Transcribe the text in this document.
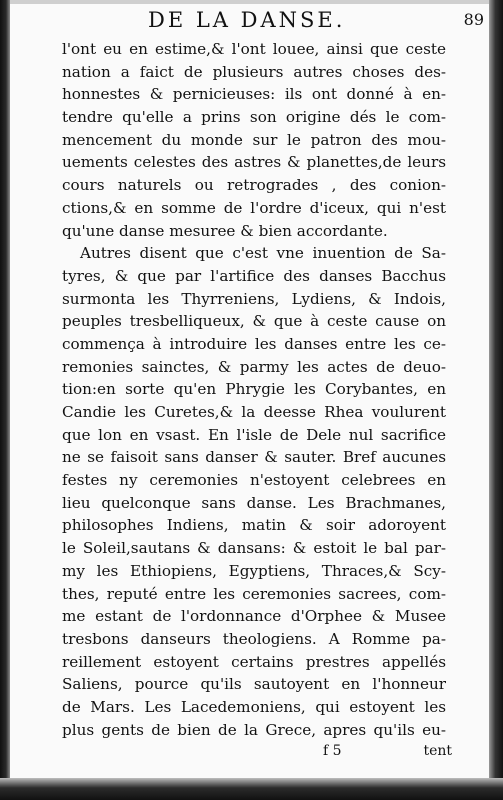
DE LA DANSE.	89
l'ont eu en estime,& l'ont louee, ainsi que ceste
nation a faict de plusieurs autres choses des-
honnestes & pernicieuses: ils ont donné à en-
tendre qu'elle a prins son origine dés le com-
mencement du monde sur le patron des mou-
uements celestes des astres & planettes,de leurs
cours naturels ou retrogrades , des conion-
ctions,& en somme de l'ordre d'iceux, qui n'est
qu'une danse mesuree & bien accordante.
Autres disent que c'est vne inuention de Sa-
tyres, & que par l'artifice des danses Bacchus
surmonta les Thyrreniens, Lydiens, & Indois,
peuples tresbelliqueux, & que à ceste cause on
commença à introduire les danses entre les ce-
remonies sainctes, & parmy les actes de deuo-
tion:en sorte qu'en Phrygie les Corybantes, en
Candie les Curetes,& la deesse Rhea voulurent
que lon en vsast. En l'isle de Dele nul sacrifice
ne se faisoit sans danser & sauter. Bref aucunes
festes ny ceremonies n'estoyent celebrees en
lieu quelconque sans danse. Les Brachmanes,
philosophes Indiens, matin & soir adoroyent
le Soleil,sautans & dansans: & estoit le bal par-
my les Ethiopiens, Egyptiens, Thraces,& Scy-
thes, reputé entre les ceremonies sacrees, com-
me estant de l'ordonnance d'Orphee & Musee
tresbons danseurs theologiens. A Romme pa-
reillement estoyent certains prestres appellés
Saliens, pource qu'ils sautoyent en l'honneur
de Mars. Les Lacedemoniens, qui estoyent les
plus gents de bien de la Grece, apres qu'ils eu-
f 5	tent
